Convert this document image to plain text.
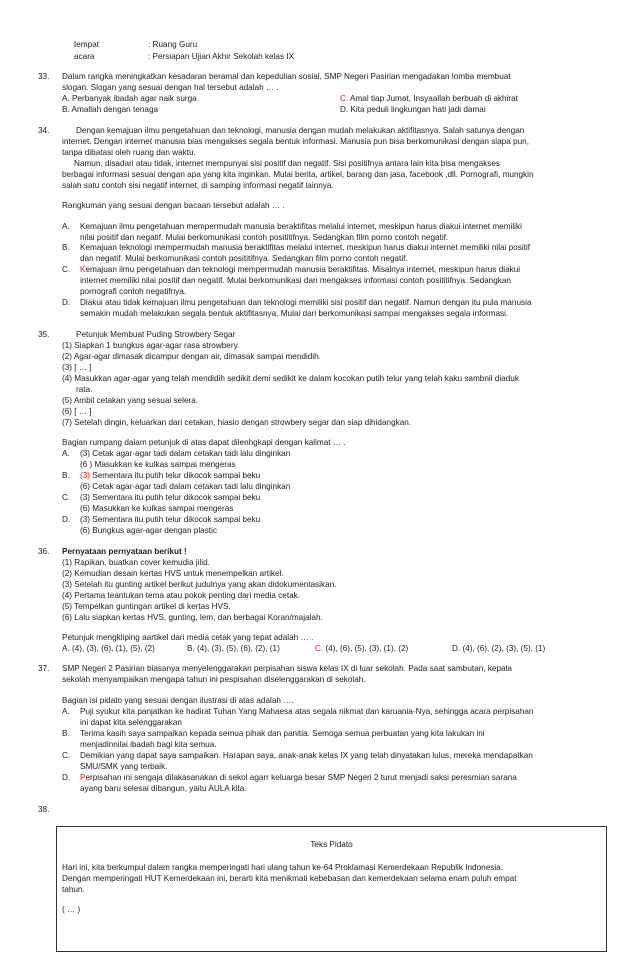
tempat	: Ruang Guru
acara	: Persiapan Ujian Akhir Sekolah kelas IX
33. Dalam rangka meningkatkan kesadaran beramal dan kepedulian sosial, SMP Negeri Pasirian mengadakan lomba membuat
slogan. Slogan yang sesuai dengan hal tersebut adalah … .
A. Perbanyak ibadah agar naik surga
B. Amallah dengan tenaga
C. Amal tiap Jumat, Insyaallah berbuah di akhirat
D. Kita peduli lingkungan hati jadi damai
34.	Dengan kemajuan ilmu pengetahuan dan teknologi, manusia dengan mudah melakukan aktifitasnya. Salah satunya dengan
internet. Dengan internet manusia bias mengakses segala bentuk informasi. Manusia pun bisa berkomunikasi dengan siapa pun,
tanpa dibatasi oleh ruang dan waktu.
Namun, disadari atau tidak, internet mempunyai sisi positif dan negatif. Sisi positifnya antara lain kita bisa mengakses
berbagai informasi sesuai dengan apa yang kita inginkan. Mulai berita, artikel, barang dan jasa, facebook ,dll. Pornografi, mungkin
salah satu contoh sisi negatif internet, di samping informasi negatif lainnya.
Rangkuman yang sesuai dengan bacaan tersebut adalah … .
A. Kemajuan ilmu pengetahuan mempermudah manusia beraktifitas melalui internet, meskipun harus diakui internet memiliki
nilai positif dan negatif. Mulai berkomunikasi contoh posititifnya. Sedangkan film porno contoh negatif.
B. Kemajuan teknologi mempermudah manusia beraktifitas melalui internet, meskipun harus diakui internet memiliki nilai positif
dan negatif. Mulai berkomunikasi contoh posititifnya. Sedangkan film porno contoh negatif.
C. Kemajuan ilmu pengetahuan dan teknologi mempermudah manusia beraktifitas. Misalnya internet, meskipun harus diakui
internet memiliki nilai positif dan negatif. Mulai berkomunikasi dan mengakses informasi contoh posititifnya. Sedangkan
pornografi contoh negatifnya.
D. Diakui atau tidak kemajuan ilmu pengetahuan dan teknologi memiliki sisi positif dan negatif. Namun dengan itu pula manusia
semakin mudah melakukan segala bentuk aktifitasnya. Mulai dari berkomunikasi sampai mengakses segala informasi.
35.	Petunjuk Membuat Puding Strowbery Segar
(1) Siapkan 1 bungkus agar-agar rasa strowbery.
(2) Agar-agar dimasak dicampur dengan air, dimasak sampai mendidih.
(3) [ … ]
(4) Masukkan agar-agar yang telah mendidih sedikit demi sedikit ke dalam kocokan putih telur yang telah kaku sambnil diaduk
rata.
(5) Ambil cetakan yang sesuai selera.
(6) [ … ]
(7) Setelah dingin, keluarkan dari cetakan, hiasio dengan strowbery segar dan siap dihidangkan.
Bagian rumpang dalam petunjuk di atas dapat dilenhgkapi dengan kalimat … .
A. (3) Cetak agar-agar tadi dalam cetakan tadi lalu dinginkan
(6 ) Masukkan ke kulkas sampai mengeras
B. (3) Sementara itu putih telur dikocok sampai beku
(6) Cetak agar-agar tadi dalam cetakan tadi lalu dinginkan
C. (3) Sementara itu putih telur dikocok sampai beku
(6) Masukkan ke kulkas sampai mengeras
D. (3) Sementara itu putih telur dikocok sampai beku
(6) Bungkus agar-agar dengan plastic
36. Pernyataan pernyataan berikut !
(1) Rapikan, buatkan cover kemudia jilid.
(2) Kemudian desain kertas HVS untuk menempelkan artikel.
(3) Setelah itu gunting artikel berikut judulnya yang akan didokumentasikan.
(4) Pertama teantukan tema atau pokok penting dari media cetak.
(5) Tempelkan guntingan artikel di kertas HVS.
(6) Lalu siapkan kertas HVS, gunting, lem, dan berbagai Koran/majalah.
Petunjuk mengkliping aartikel dari media cetak yang tepat adalah … .
A. (4), (3), (6), (1), (5), (2)	B. (4), (3), (5), (6), (2), (1)	C. (4), (6), (5), (3), (1), (2)	D. (4), (6), (2), (3), (5), (1)
37. SMP Negeri 2 Pasirian biasanya menyelenggarakan perpisahan siswa kelas IX di luar sekolah. Pada saat sambutan, kepala
sekolah menyampaikan mengapa tahun ini pespisahan diselenggarakan di sekolah.
Bagian isi pidato yang sesuai dengan ilustrasi di atas adalah ….
A. Puji syukur kita panjatkan ke hadirat Tuhan Yang Mahaesa atas segala nikmat dan karuania-Nya, sehingga acara perpisahan
ini dapat kita selenggarakan
B. Terima kasih saya sampaikan kepada semua pihak dan panitia. Semoga semua perbuatan yang kita lakukan ini
menjadinnilai ibadah bagi kita semua.
C. Demikian yang dapat saya sampaikan. Harapan saya, anak-anak kelas IX yang telah dinyatakan lulus, mereka mendapatkan
SMU/SMK yang terbaik.
D. Perpisahan ini sengaja dilakasanakan di sekol agarr keluarga besar SMP Negeri 2 turut menjadi saksi peresmian sarana
ayang baru selesai dibangun, yaitu AULA kita.
38.
Teks Pidato
Hari ini, kita berkumpul dalam rangka memperingati hari ulang tahun ke-64 Proklamasi Kemerdekaan Republik Indonesia.
Dengan memperingati HUT Kemerdekaan ini, berarti kita menikmati kebebasan dan kemerdekaan selama enam puluh empat
tahun.
( … )
